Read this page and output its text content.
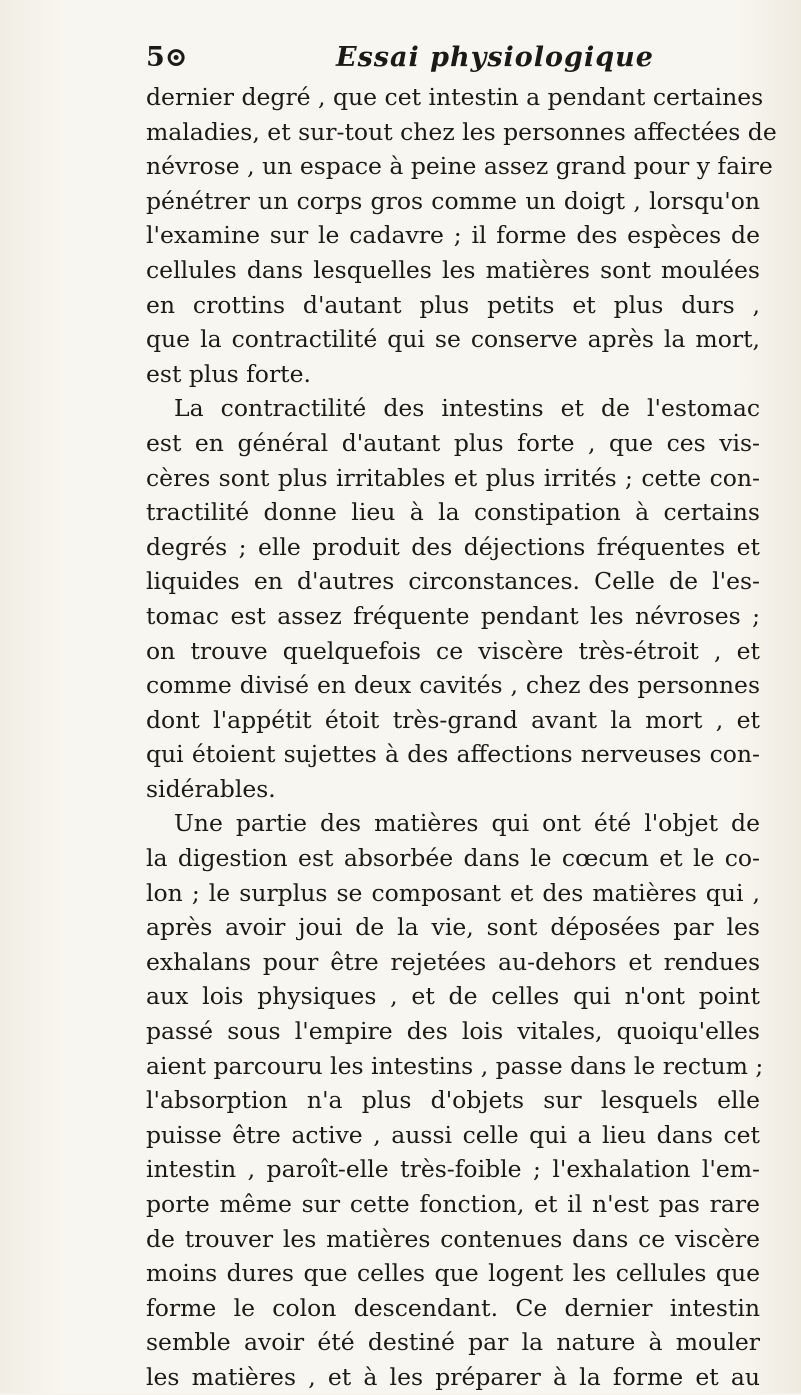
5⊙	Essai physiologique
dernier degré , que cet intestin a pendant certaines
maladies, et sur-tout chez les personnes affectées de
névrose , un espace à peine assez grand pour y faire
pénétrer un corps gros comme un doigt , lorsqu'on
l'examine sur le cadavre ; il forme des espèces de
cellules dans lesquelles les matières sont moulées
en crottins d'autant plus petits et plus durs ,
que la contractilité qui se conserve après la mort,
est plus forte.
La contractilité des intestins et de l'estomac
est en général d'autant plus forte , que ces vis-
cères sont plus irritables et plus irrités ; cette con-
tractilité donne lieu à la constipation à certains
degrés ; elle produit des déjections fréquentes et
liquides en d'autres circonstances. Celle de l'es-
tomac est assez fréquente pendant les névroses ;
on trouve quelquefois ce viscère très-étroit , et
comme divisé en deux cavités , chez des personnes
dont l'appétit étoit très-grand avant la mort , et
qui étoient sujettes à des affections nerveuses con-
sidérables.
Une partie des matières qui ont été l'objet de
la digestion est absorbée dans le cœcum et le co-
lon ; le surplus se composant et des matières qui ,
après avoir joui de la vie, sont déposées par les
exhalans pour être rejetées au-dehors et rendues
aux lois physiques , et de celles qui n'ont point
passé sous l'empire des lois vitales, quoiqu'elles
aient parcouru les intestins , passe dans le rectum ;
l'absorption n'a plus d'objets sur lesquels elle
puisse être active , aussi celle qui a lieu dans cet
intestin , paroît-elle très-foible ; l'exhalation l'em-
porte même sur cette fonction, et il n'est pas rare
de trouver les matières contenues dans ce viscère
moins dures que celles que logent les cellules que
forme le colon descendant. Ce dernier intestin
semble avoir été destiné par la nature à mouler
les matières , et à les préparer à la forme et au
